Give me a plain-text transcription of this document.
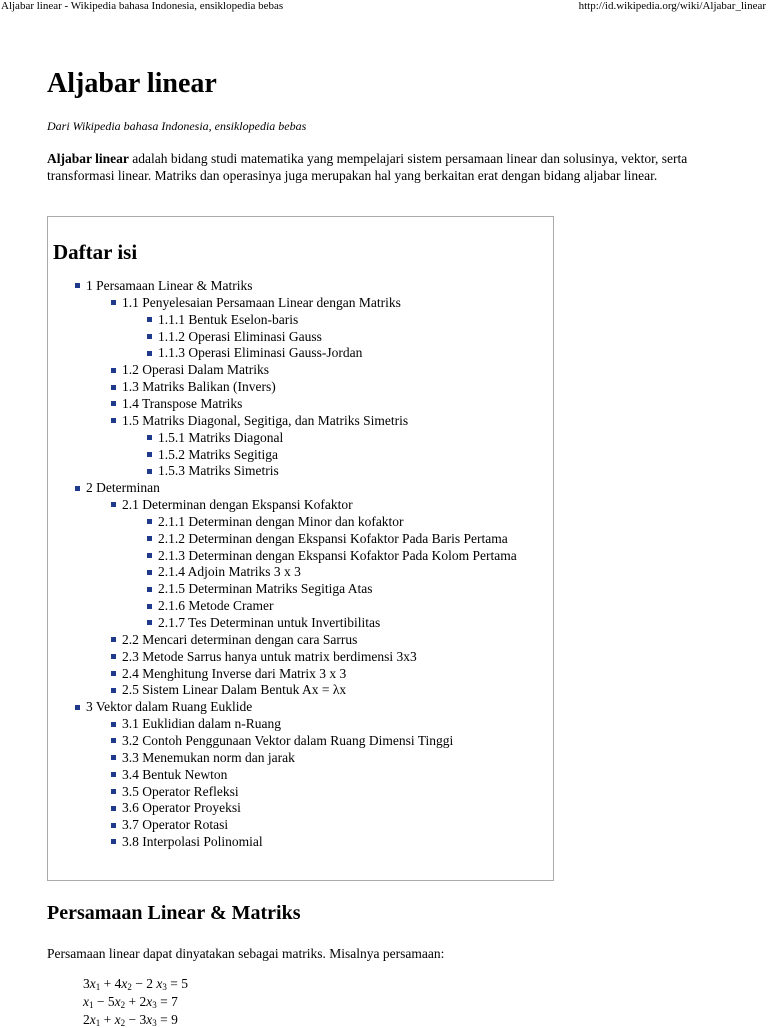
Aljabar linear - Wikipedia bahasa Indonesia, ensiklopedia bebas	http://id.wikipedia.org/wiki/Aljabar_linear
Aljabar linear
Dari Wikipedia bahasa Indonesia, ensiklopedia bebas

Aljabar linear adalah bidang studi matematika yang mempelajari sistem persamaan linear dan solusinya, vektor, serta transformasi linear. Matriks dan operasinya juga merupakan hal yang berkaitan erat dengan bidang aljabar linear.

Daftar isi
1 Persamaan Linear & Matriks
1.1 Penyelesaian Persamaan Linear dengan Matriks
1.1.1 Bentuk Eselon-baris
1.1.2 Operasi Eliminasi Gauss
1.1.3 Operasi Eliminasi Gauss-Jordan
1.2 Operasi Dalam Matriks
1.3 Matriks Balikan (Invers)
1.4 Transpose Matriks
1.5 Matriks Diagonal, Segitiga, dan Matriks Simetris
1.5.1 Matriks Diagonal
1.5.2 Matriks Segitiga
1.5.3 Matriks Simetris
2 Determinan
2.1 Determinan dengan Ekspansi Kofaktor
2.1.1 Determinan dengan Minor dan kofaktor
2.1.2 Determinan dengan Ekspansi Kofaktor Pada Baris Pertama
2.1.3 Determinan dengan Ekspansi Kofaktor Pada Kolom Pertama
2.1.4 Adjoin Matriks 3 x 3
2.1.5 Determinan Matriks Segitiga Atas
2.1.6 Metode Cramer
2.1.7 Tes Determinan untuk Invertibilitas
2.2 Mencari determinan dengan cara Sarrus
2.3 Metode Sarrus hanya untuk matrix berdimensi 3x3
2.4 Menghitung Inverse dari Matrix 3 x 3
2.5 Sistem Linear Dalam Bentuk Ax = λx
3 Vektor dalam Ruang Euklide
3.1 Euklidian dalam n-Ruang
3.2 Contoh Penggunaan Vektor dalam Ruang Dimensi Tinggi
3.3 Menemukan norm dan jarak
3.4 Bentuk Newton
3.5 Operator Refleksi
3.6 Operator Proyeksi
3.7 Operator Rotasi
3.8 Interpolasi Polinomial
Persamaan Linear & Matriks
Persamaan linear dapat dinyatakan sebagai matriks. Misalnya persamaan:
$3x_1 + 4x_2 - 2$ $x_3 = 5$
$x_1 - 5x_2 + 2x_3 = 7$
$2x_1 + x_2 - 3x_3 = 9$
